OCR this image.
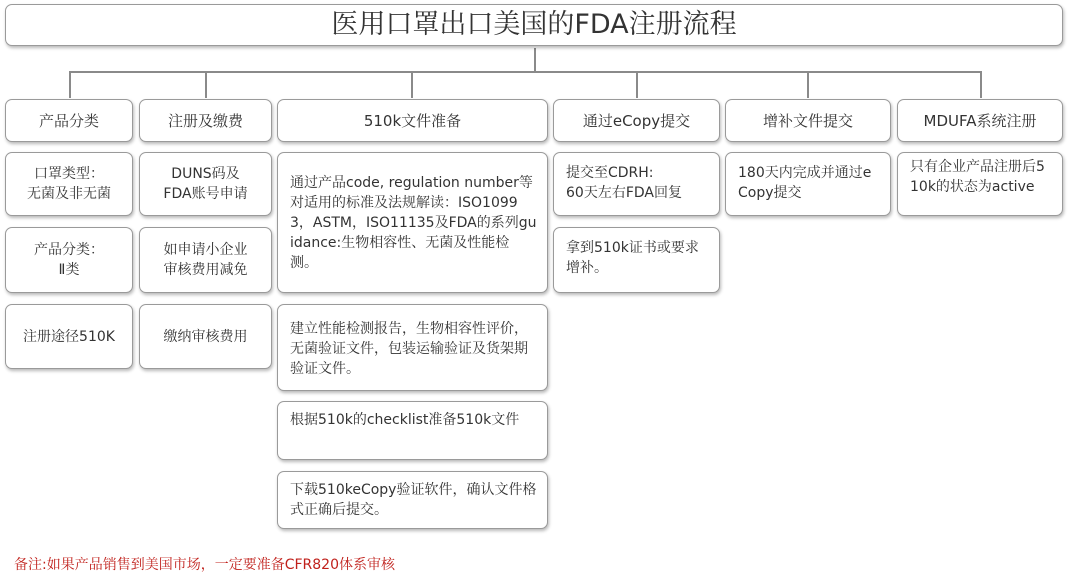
医用口罩出口美国的FDA注册流程
产品分类	注册及缴费	510k文件准备	通过eCopy提交	增补文件提交	MDUFA系统注册
口罩类型：
无菌及非无菌
产品分类：
Ⅱ类
注册途径510K
DUNS码及
FDA账号申请
如申请小企业
审核费用减免
缴纳审核费用
通过产品code, regulation number等对适用的标准及法规解读：ISO10993，ASTM，ISO11135及FDA的系列guidance:生物相容性、无菌及性能检测。
建立性能检测报告，生物相容性评价，无菌验证文件，包装运输验证及货架期验证文件。
根据510k的checklist准备510k文件
下载510keCopy验证软件，确认文件格式正确后提交。
提交至CDRH:
60天左右FDA回复
拿到510k证书或要求增补。
180天内完成并通过eCopy提交
只有企业产品注册后510k的状态为active
备注:如果产品销售到美国市场，一定要准备CFR820体系审核
